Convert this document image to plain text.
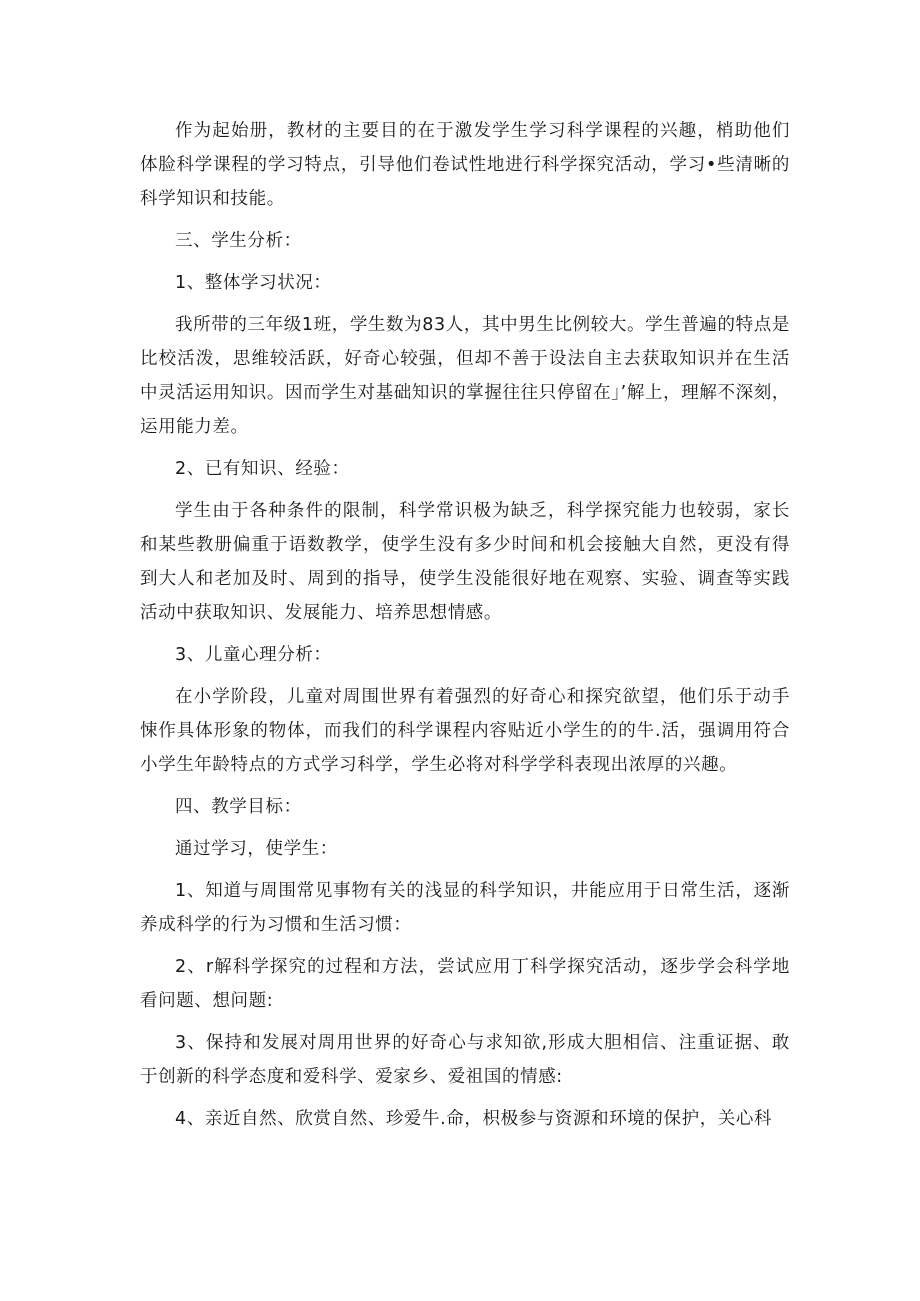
作为起始册，教材的主要目的在于激发学生学习科学课程的兴趣，梢助他们体脸科学课程的学习特点，引导他们卷试性地进行科学探究活动，学习•些清晰的科学知识和技能。

三、学生分析：

1、整体学习状况：

我所带的三年级1班，学生数为83人，其中男生比例较大。学生普遍的特点是比校活泼，思维较活跃，好奇心较强，但却不善于设法自主去获取知识并在生活中灵活运用知识。因而学生对基础知识的掌握往往只停留在」’解上，理解不深刻，运用能力差。

2、已有知识、经验：

学生由于各种条件的限制，科学常识极为缺乏，科学探究能力也较弱，家长和某些教册偏重于语数教学，使学生没有多少时间和机会接触大自然，更没有得到大人和老加及时、周到的指导，使学生没能很好地在观察、实验、调查等实践活动中获取知识、发展能力、培养思想情感。

3、儿童心理分析：

在小学阶段，儿童对周围世界有着强烈的好奇心和探究欲望，他们乐于动手悚作具体形象的物体，而我们的科学课程内容贴近小学生的的牛.活，强调用符合小学生年龄特点的方式学习科学，学生必将对科学学科表现出浓厚的兴趣。

四、教学目标：

通过学习，使学生：

1、知道与周围常见事物有关的浅显的科学知识，井能应用于日常生活，逐渐养成科学的行为习惯和生活习惯：

2、r解科学探究的过程和方法，尝试应用丁科学探究活动，逐步学会科学地看问题、想问题:

3、保持和发展对周用世界的好奇心与求知欲,形成大胆相信、注重证据、敢于创新的科学态度和爱科学、爱家乡、爱祖国的情感:

4、亲近自然、欣赏自然、珍爱牛.命，枳极参与资源和环境的保护，关心科
